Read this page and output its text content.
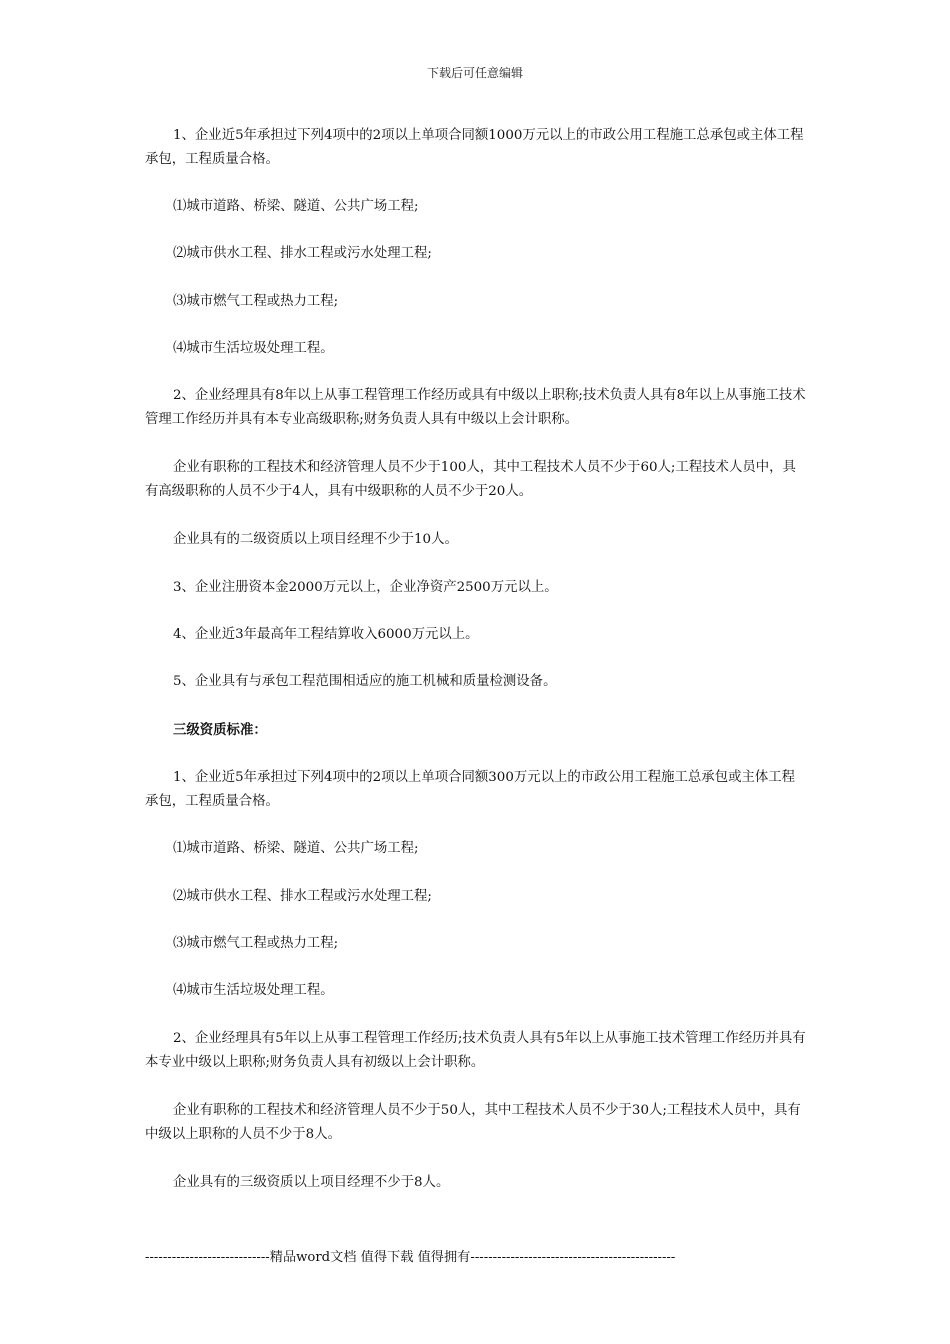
下载后可任意编辑
1、企业近5年承担过下列4项中的2项以上单项合同额1000万元以上的市政公用工程施工总承包或主体工程承包，工程质量合格。
⑴城市道路、桥梁、隧道、公共广场工程;
⑵城市供水工程、排水工程或污水处理工程;
⑶城市燃气工程或热力工程;
⑷城市生活垃圾处理工程。
2、企业经理具有8年以上从事工程管理工作经历或具有中级以上职称;技术负责人具有8年以上从事施工技术管理工作经历并具有本专业高级职称;财务负责人具有中级以上会计职称。
企业有职称的工程技术和经济管理人员不少于100人，其中工程技术人员不少于60人;工程技术人员中，具有高级职称的人员不少于4人，具有中级职称的人员不少于20人。
企业具有的二级资质以上项目经理不少于10人。
3、企业注册资本金2000万元以上，企业净资产2500万元以上。
4、企业近3年最高年工程结算收入6000万元以上。
5、企业具有与承包工程范围相适应的施工机械和质量检测设备。
三级资质标准：
1、企业近5年承担过下列4项中的2项以上单项合同额300万元以上的市政公用工程施工总承包或主体工程承包，工程质量合格。
⑴城市道路、桥梁、隧道、公共广场工程;
⑵城市供水工程、排水工程或污水处理工程;
⑶城市燃气工程或热力工程;
⑷城市生活垃圾处理工程。
2、企业经理具有5年以上从事工程管理工作经历;技术负责人具有5年以上从事施工技术管理工作经历并具有本专业中级以上职称;财务负责人具有初级以上会计职称。
企业有职称的工程技术和经济管理人员不少于50人，其中工程技术人员不少于30人;工程技术人员中，具有中级以上职称的人员不少于8人。
企业具有的三级资质以上项目经理不少于8人。
----------------------------精品word文档 值得下载 值得拥有----------------------------------------------
